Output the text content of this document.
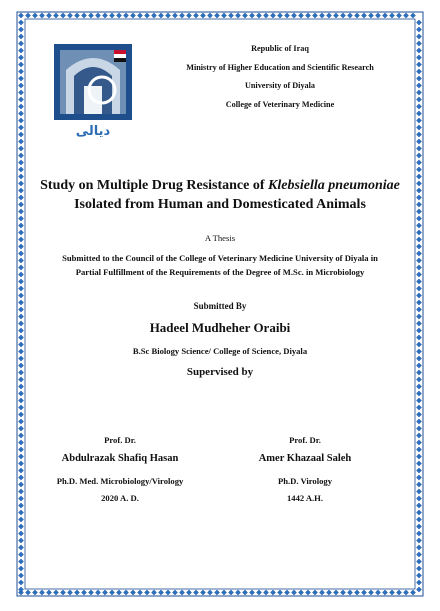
ديالى
Republic of Iraq
Ministry of Higher Education and Scientific Research
University of Diyala
College of Veterinary Medicine
Study on Multiple Drug Resistance of Klebsiella pneumoniae Isolated from Human and Domesticated Animals
A Thesis
Submitted to the Council of the College of Veterinary Medicine University of Diyala in Partial Fulfillment of the Requirements of the Degree of M.Sc. in Microbiology
Submitted By
Hadeel Mudheher Oraibi
B.Sc Biology Science/ College of Science, Diyala
Supervised by
Prof. Dr.
Abdulrazak Shafiq Hasan
Ph.D. Med. Microbiology/Virology
2020 A. D.
Prof. Dr.
Amer Khazaal Saleh
Ph.D. Virology
1442 A.H.
